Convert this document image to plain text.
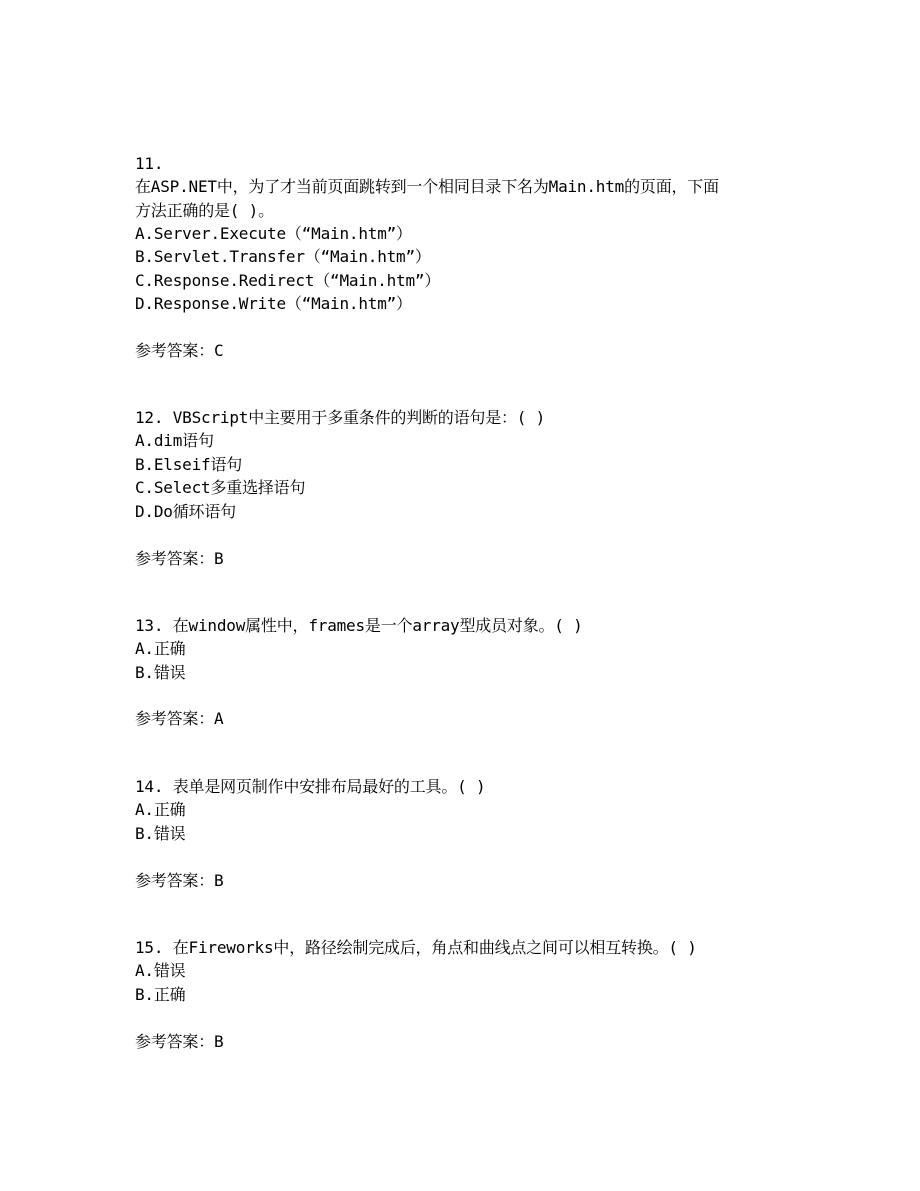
11.
在ASP.NET中，为了才当前页面跳转到一个相同目录下名为Main.htm的页面，下面
方法正确的是( )。
A.Server.Execute（“Main.htm”）
B.Servlet.Transfer（“Main.htm”）
C.Response.Redirect（“Main.htm”）
D.Response.Write（“Main.htm”）
参考答案：C
12. VBScript中主要用于多重条件的判断的语句是：( )
A.dim语句
B.Elseif语句
C.Select多重选择语句
D.Do循环语句
参考答案：B
13. 在window属性中，frames是一个array型成员对象。( )
A.正确
B.错误
参考答案：A
14. 表单是网页制作中安排布局最好的工具。( )
A.正确
B.错误
参考答案：B
15. 在Fireworks中，路径绘制完成后，角点和曲线点之间可以相互转换。( )
A.错误
B.正确
参考答案：B
